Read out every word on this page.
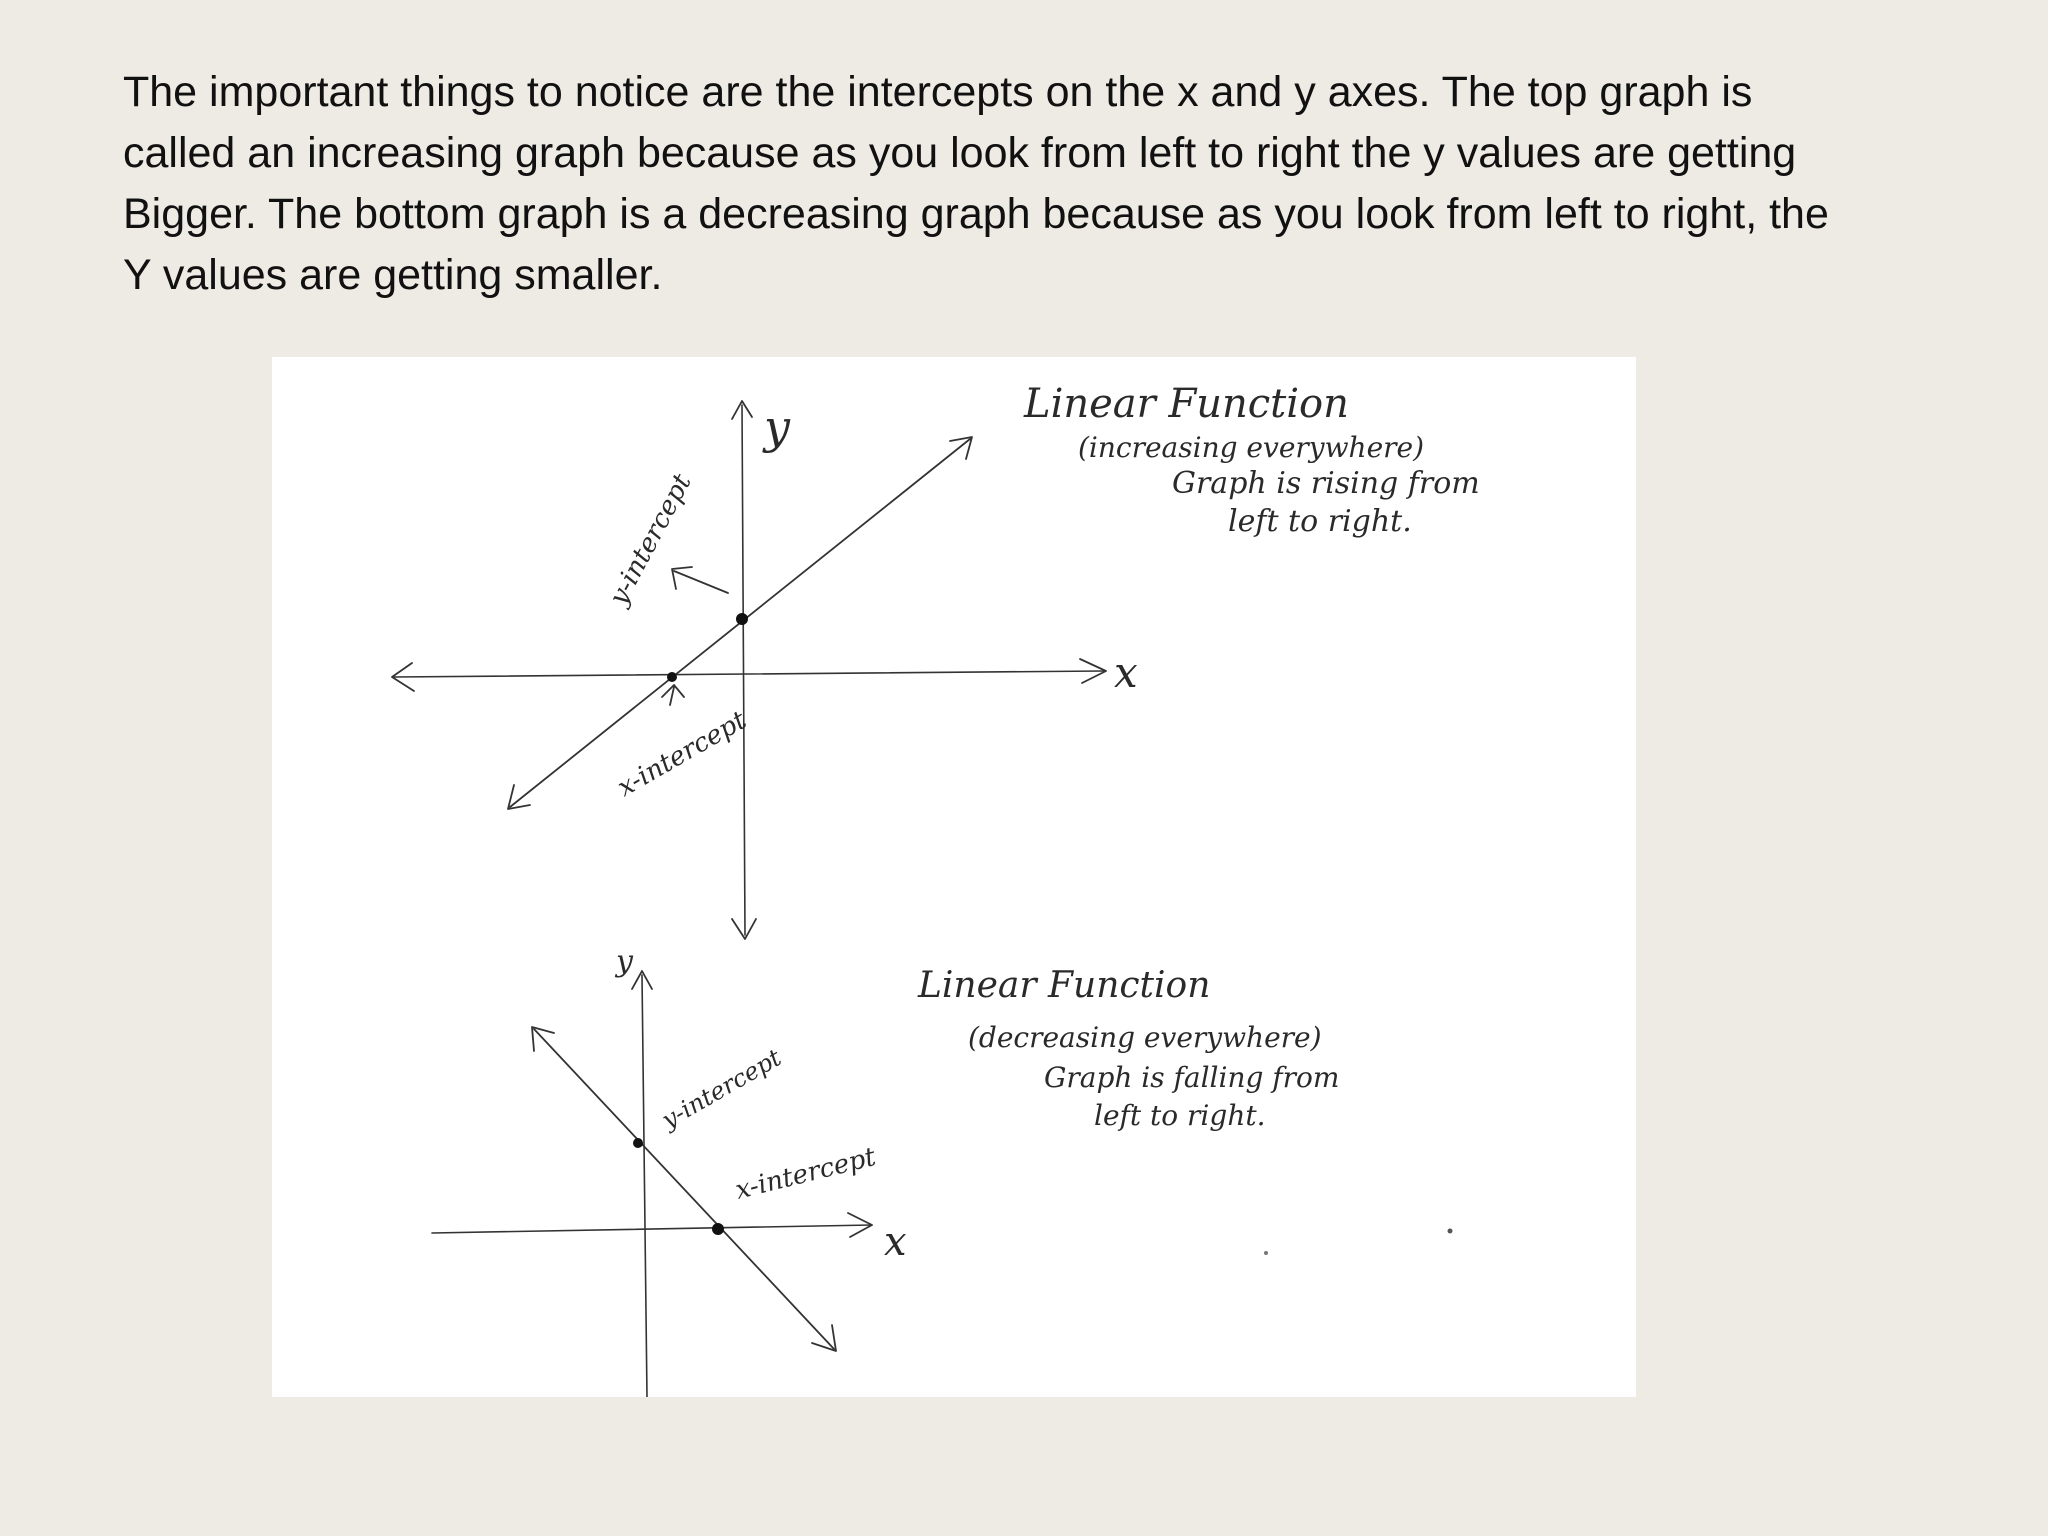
The important things to notice are the intercepts on the x and y axes. The top graph is
called an increasing graph because as you look from left to right the y values are getting
Bigger. The bottom graph is a decreasing graph because as you look from left to right, the
Y values are getting smaller.

y
x
y-intercept
x-intercept
Linear Function
(increasing everywhere)
Graph is rising from
left to right.
y
x
y-intercept
x-intercept
Linear Function
(decreasing everywhere)
Graph is falling from
left to right.
